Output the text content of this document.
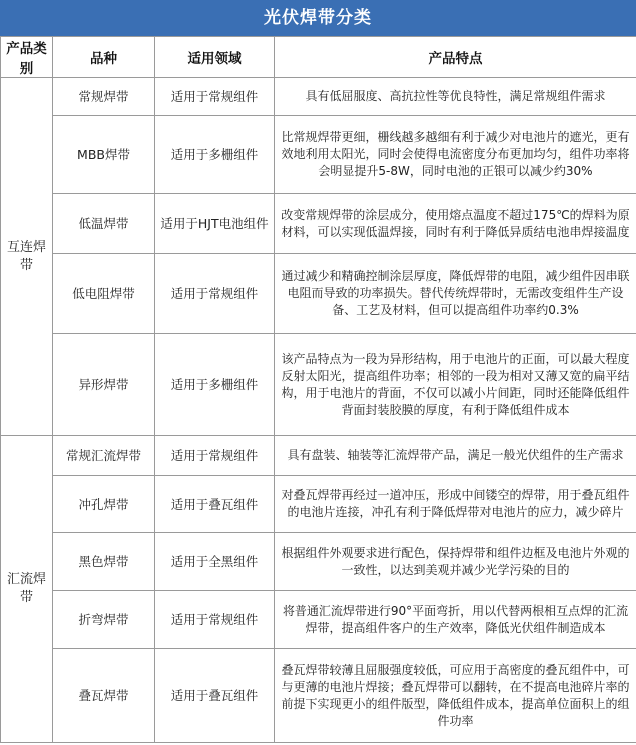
光伏焊带分类
产品类别	品种	适用领域	产品特点
互连焊带	常规焊带	适用于常规组件	具有低屈服度、高抗拉性等优良特性，满足常规组件需求
	MBB焊带	适用于多栅组件	比常规焊带更细，栅线越多越细有利于减少对电池片的遮光，更有效地利用太阳光，同时会使得电流密度分布更加均匀，组件功率将会明显提升5-8W，同时电池的正银可以减少约30%
	低温焊带	适用于HJT电池组件	改变常规焊带的涂层成分，使用熔点温度不超过175℃的焊料为原材料，可以实现低温焊接，同时有利于降低异质结电池串焊接温度
	低电阻焊带	适用于常规组件	通过减少和精确控制涂层厚度，降低焊带的电阻，减少组件因串联电阻而导致的功率损失。替代传统焊带时，无需改变组件生产设备、工艺及材料，但可以提高组件功率约0.3%
	异形焊带	适用于多栅组件	该产品特点为一段为异形结构，用于电池片的正面，可以最大程度反射太阳光，提高组件功率；相邻的一段为相对又薄又宽的扁平结构，用于电池片的背面，不仅可以减小片间距，同时还能降低组件背面封装胶膜的厚度，有利于降低组件成本
汇流焊带	常规汇流焊带	适用于常规组件	具有盘装、轴装等汇流焊带产品，满足一般光伏组件的生产需求
	冲孔焊带	适用于叠瓦组件	对叠瓦焊带再经过一道冲压，形成中间镂空的焊带，用于叠瓦组件的电池片连接，冲孔有利于降低焊带对电池片的应力，减少碎片
	黑色焊带	适用于全黑组件	根据组件外观要求进行配色，保持焊带和组件边框及电池片外观的一致性，以达到美观并减少光学污染的目的
	折弯焊带	适用于常规组件	将普通汇流焊带进行90°平面弯折，用以代替两根相互点焊的汇流焊带，提高组件客户的生产效率，降低光伏组件制造成本
	叠瓦焊带	适用于叠瓦组件	叠瓦焊带较薄且屈服强度较低，可应用于高密度的叠瓦组件中，可与更薄的电池片焊接；叠瓦焊带可以翻转，在不提高电池碎片率的前提下实现更小的组件版型，降低组件成本，提高单位面积上的组件功率
